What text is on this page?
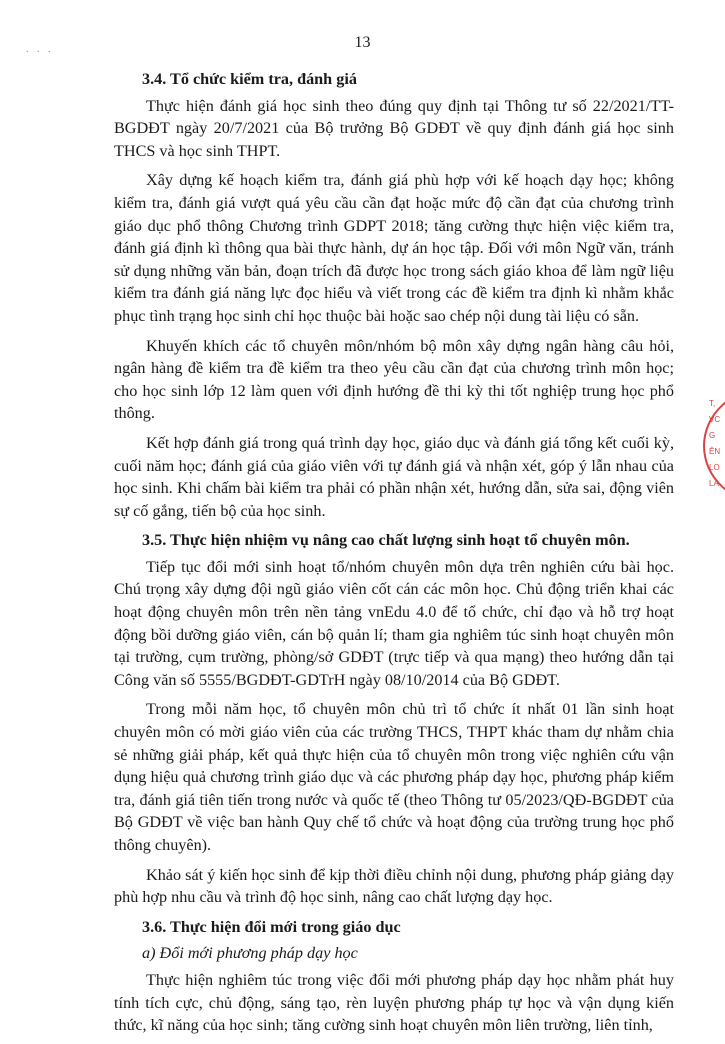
13
. . .
3.4. Tổ chức kiểm tra, đánh giá

Thực hiện đánh giá học sinh theo đúng quy định tại Thông tư số 22/2021/TT-BGDĐT ngày 20/7/2021 của Bộ trưởng Bộ GDĐT về quy định đánh giá học sinh THCS và học sinh THPT.

Xây dựng kế hoạch kiểm tra, đánh giá phù hợp với kế hoạch dạy học; không kiểm tra, đánh giá vượt quá yêu cầu cần đạt hoặc mức độ cần đạt của chương trình giáo dục phổ thông Chương trình GDPT 2018; tăng cường thực hiện việc kiểm tra, đánh giá định kì thông qua bài thực hành, dự án học tập. Đối với môn Ngữ văn, tránh sử dụng những văn bản, đoạn trích đã được học trong sách giáo khoa để làm ngữ liệu kiểm tra đánh giá năng lực đọc hiểu và viết trong các đề kiểm tra định kì nhằm khắc phục tình trạng học sinh chỉ học thuộc bài hoặc sao chép nội dung tài liệu có sẵn.

Khuyến khích các tổ chuyên môn/nhóm bộ môn xây dựng ngân hàng câu hỏi, ngân hàng đề kiểm tra đề kiểm tra theo yêu cầu cần đạt của chương trình môn học; cho học sinh lớp 12 làm quen với định hướng đề thi kỳ thi tốt nghiệp trung học phổ thông.

Kết hợp đánh giá trong quá trình dạy học, giáo dục và đánh giá tổng kết cuối kỳ, cuối năm học; đánh giá của giáo viên với tự đánh giá và nhận xét, góp ý lẫn nhau của học sinh. Khi chấm bài kiểm tra phải có phần nhận xét, hướng dẫn, sửa sai, động viên sự cố gắng, tiến bộ của học sinh.

3.5. Thực hiện nhiệm vụ nâng cao chất lượng sinh hoạt tổ chuyên môn.

Tiếp tục đổi mới sinh hoạt tổ/nhóm chuyên môn dựa trên nghiên cứu bài học. Chú trọng xây dựng đội ngũ giáo viên cốt cán các môn học. Chủ động triển khai các hoạt động chuyên môn trên nền tảng vnEdu 4.0 để tổ chức, chỉ đạo và hỗ trợ hoạt động bồi dưỡng giáo viên, cán bộ quản lí; tham gia nghiêm túc sinh hoạt chuyên môn tại trường, cụm trường, phòng/sở GDĐT (trực tiếp và qua mạng) theo hướng dẫn tại Công văn số 5555/BGDĐT-GDTrH ngày 08/10/2014 của Bộ GDĐT.

Trong mỗi năm học, tổ chuyên môn chủ trì tổ chức ít nhất 01 lần sinh hoạt chuyên môn có mời giáo viên của các trường THCS, THPT khác tham dự nhằm chia sẻ những giải pháp, kết quả thực hiện của tổ chuyên môn trong việc nghiên cứu vận dụng hiệu quả chương trình giáo dục và các phương pháp dạy học, phương pháp kiểm tra, đánh giá tiên tiến trong nước và quốc tế (theo Thông tư 05/2023/QĐ-BGDĐT của Bộ GDĐT về việc ban hành Quy chế tổ chức và hoạt động của trường trung học phổ thông chuyên).

Khảo sát ý kiến học sinh để kịp thời điều chỉnh nội dung, phương pháp giảng dạy phù hợp nhu cầu và trình độ học sinh, nâng cao chất lượng dạy học.

3.6. Thực hiện đổi mới trong giáo dục
a) Đổi mới phương pháp dạy học

Thực hiện nghiêm túc trong việc đổi mới phương pháp dạy học nhằm phát huy tính tích cực, chủ động, sáng tạo, rèn luyện phương pháp tự học và vận dụng kiến thức, kĩ năng của học sinh; tăng cường sinh hoạt chuyên môn liên trường, liên tỉnh,

T,
VC
G
ÊN
LO
LA
